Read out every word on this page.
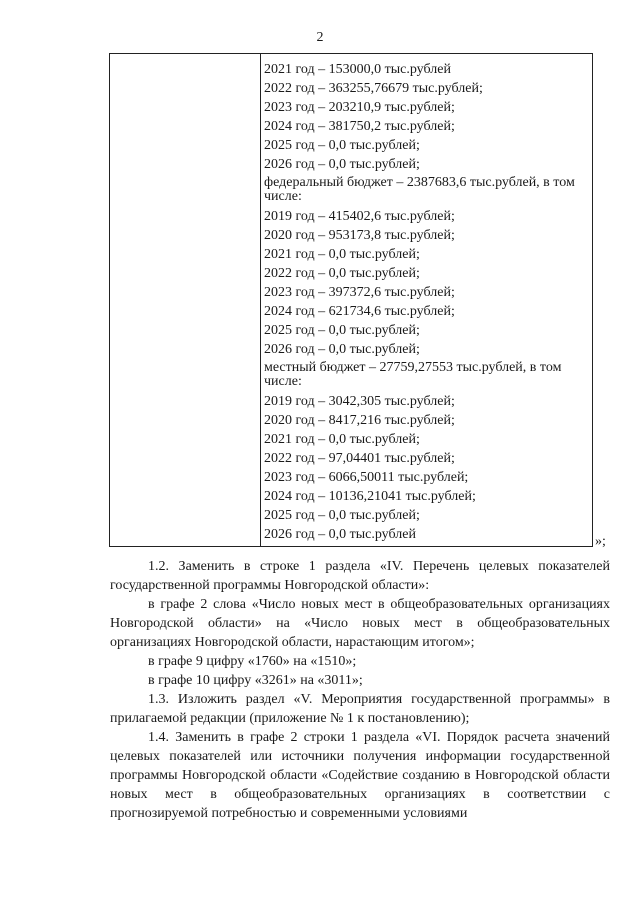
2
2021 год – 153000,0 тыс.рублей
2022 год – 363255,76679 тыс.рублей;
2023 год – 203210,9 тыс.рублей;
2024 год – 381750,2 тыс.рублей;
2025 год – 0,0 тыс.рублей;
2026 год – 0,0 тыс.рублей;
федеральный бюджет – 2387683,6 тыс.рублей, в том числе:
2019 год – 415402,6 тыс.рублей;
2020 год – 953173,8 тыс.рублей;
2021 год – 0,0 тыс.рублей;
2022 год – 0,0 тыс.рублей;
2023 год – 397372,6 тыс.рублей;
2024 год – 621734,6 тыс.рублей;
2025 год – 0,0 тыс.рублей;
2026 год – 0,0 тыс.рублей;
местный бюджет – 27759,27553 тыс.рублей, в том числе:
2019 год – 3042,305 тыс.рублей;
2020 год – 8417,216 тыс.рублей;
2021 год – 0,0 тыс.рублей;
2022 год – 97,04401 тыс.рублей;
2023 год – 6066,50011 тыс.рублей;
2024 год – 10136,21041 тыс.рублей;
2025 год – 0,0 тыс.рублей;
2026 год – 0,0 тыс.рублей	»;

1.2. Заменить в строке 1 раздела «IV. Перечень целевых показателей государственной программы Новгородской области»:

в графе 2 слова «Число новых мест в общеобразовательных организациях Новгородской области» на «Число новых мест в общеобразовательных организациях Новгородской области, нарастающим итогом»;

в графе 9 цифру «1760» на «1510»;

в графе 10 цифру «3261» на «3011»;

1.3. Изложить раздел «V. Мероприятия государственной программы» в прилагаемой редакции (приложение № 1 к постановлению);

1.4. Заменить в графе 2 строки 1 раздела «VI. Порядок расчета значений целевых показателей или источники получения информации государственной программы Новгородской области «Содействие созданию в Новгородской области новых мест в общеобразовательных организациях в соответствии с прогнозируемой потребностью и современными условиями
